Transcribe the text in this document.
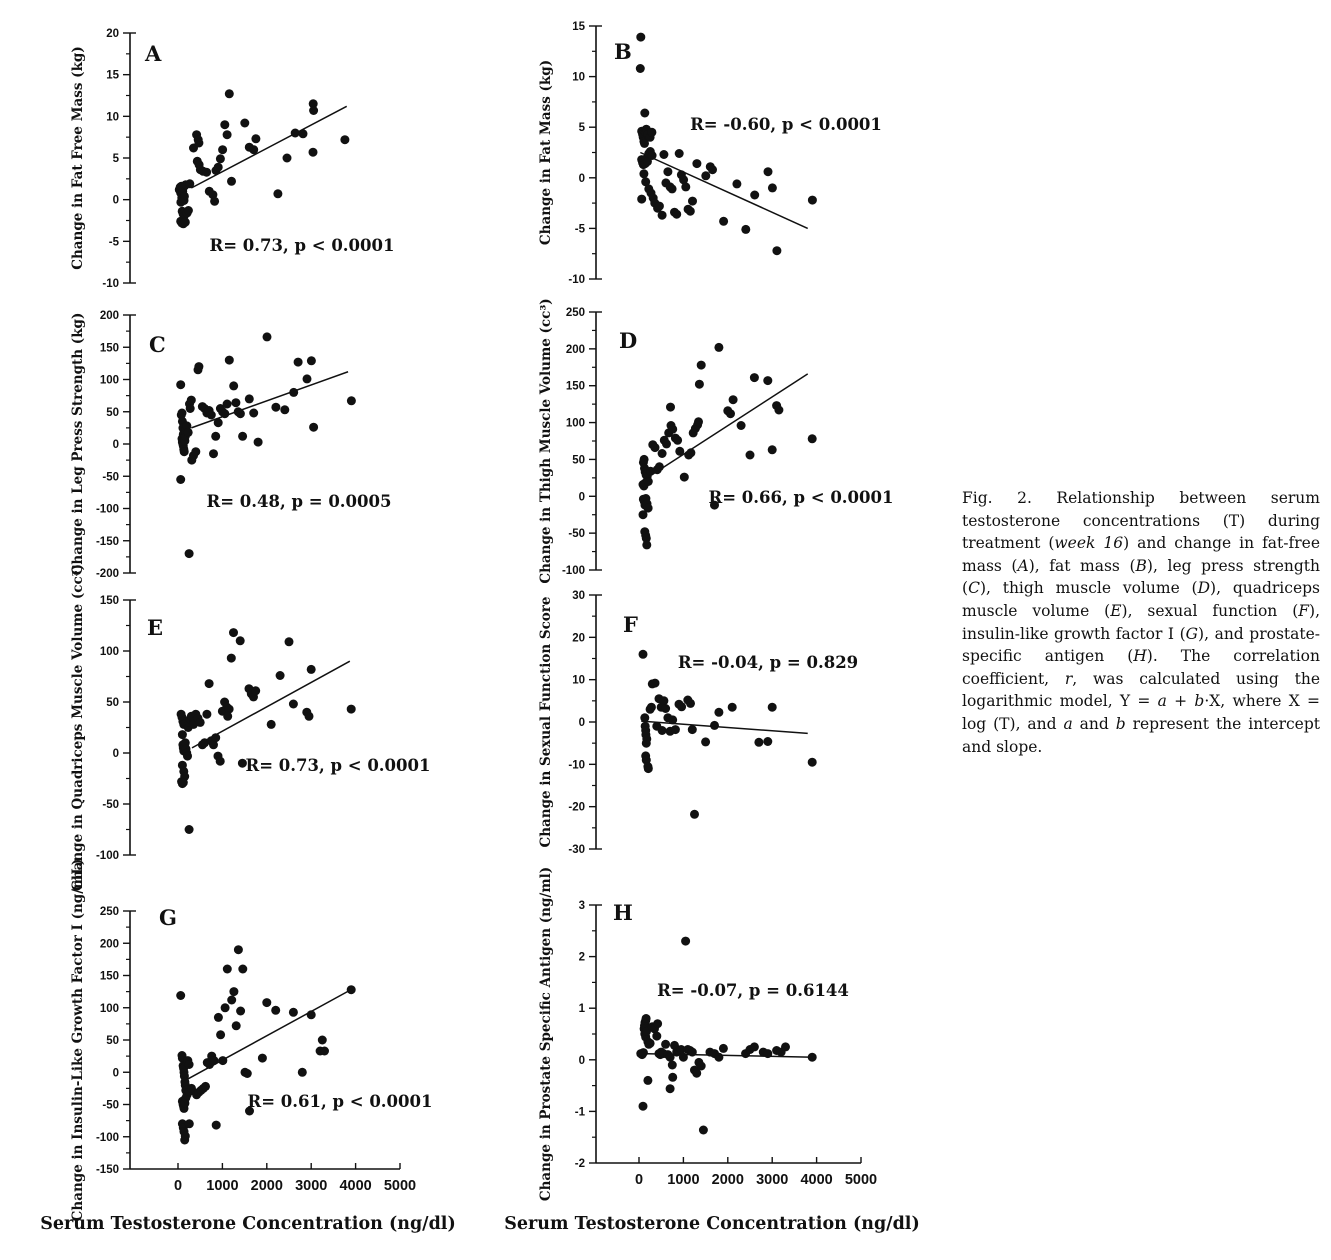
20
15
10
5
0
-5
-10
Change in Fat Free Mass (kg)	A
R= 0.73, p < 0.0001
15
10
5
0
-5
-10
Change in Fat Mass (kg)
B
R= -0.60, p < 0.0001
200
150
100
50
0
-50
-100
-150
-200
Change in Leg Press Strength (kg)	C
R= 0.48, p = 0.0005
250
200
150
100
50
0
-50
-100
Change in Thigh Muscle Volume (cc³)	D
R= 0.66, p < 0.0001
150
100
50
0
-50
-100
Change in Quadriceps Muscle Volume (cc³)	E
R= 0.73, p < 0.0001
30
20
10
0
-10
-20
-30
Change in Sexual Function Score	F
R= -0.04, p = 0.829
250
200
150
100
50
0
-50
-100
-150
Change in Insulin-Like Growth Factor I (ng/mL)	0 1000 2000 3000 4000 5000
Serum Testosterone Concentration (ng/dl)
G
R= 0.61, p < 0.0001
3
2
1
0
-1
-2
Change in Prostate Specific Antigen (ng/ml)	0 1000 2000 3000 4000 5000
Serum Testosterone Concentration (ng/dl)
H
R= -0.07, p = 0.6144
Fig. 2. Relationship between serum testosterone concentrations (T) during treatment (week 16) and change in fat-free mass (A), fat mass (B), leg press strength (C), thigh muscle volume (D), quadriceps muscle volume (E), sexual function (F), insulin-like growth factor I (G), and prostate-specific antigen (H). The correlation coefficient, r, was calculated using the logarithmic model, Y = a + b·X, where X = log (T), and a and b represent the intercept and slope.
